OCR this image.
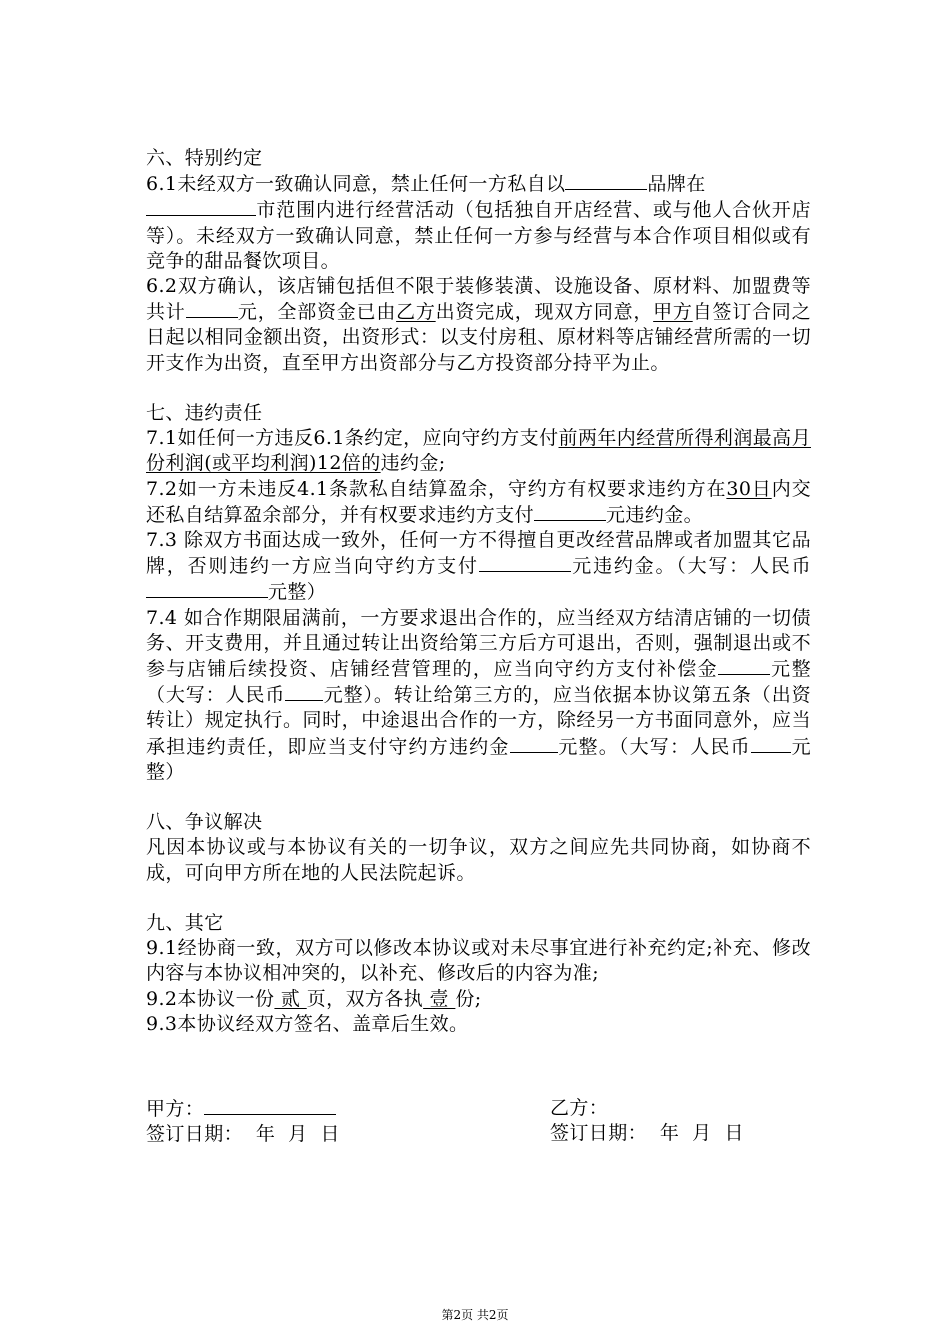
六、特别约定

6.1未经双方一致确认同意，禁止任何一方私自以	品牌在
市范围内进行经营活动（包括独自开店经营、或与他人合伙开店等）。未经双方一致确认同意，禁止任何一方参与经营与本合作项目相似或有竞争的甜品餐饮项目。

6.2双方确认，该店铺包括但不限于装修装潢、设施设备、原材料、加盟费等共计	元，全部资金已由乙方出资完成，现双方同意，甲方自签订合同之日起以相同金额出资，出资形式：以支付房租、原材料等店铺经营所需的一切开支作为出资，直至甲方出资部分与乙方投资部分持平为止。

七、违约责任

7.1如任何一方违反6.1条约定，应向守约方支付前两年内经营所得利润最高月份利润(或平均利润)12倍的违约金;

7.2如一方未违反4.1条款私自结算盈余，守约方有权要求违约方在30日内交还私自结算盈余部分，并有权要求违约方支付	元违约金。

7.3 除双方书面达成一致外，任何一方不得擅自更改经营品牌或者加盟其它品牌，否则违约一方应当向守约方支付	元违约金。（大写：人民币元整）

7.4 如合作期限届满前，一方要求退出合作的，应当经双方结清店铺的一切债务、开支费用，并且通过转让出资给第三方后方可退出，否则，强制退出或不参与店铺后续投资、店铺经营管理的，应当向守约方支付补偿金	元整（大写：人民币 元整）。转让给第三方的，应当依据本协议第五条（出资转让）规定执行。同时，中途退出合作的一方，除经另一方书面同意外，应当承担违约责任，即应当支付守约方违约金	元整。（大写：人民币 元整）

八、争议解决

凡因本协议或与本协议有关的一切争议，双方之间应先共同协商，如协商不成，可向甲方所在地的人民法院起诉。

九、其它

9.1经协商一致，双方可以修改本协议或对未尽事宜进行补充约定;补充、修改内容与本协议相冲突的，以补充、修改后的内容为准;

9.2本协议一份 贰 页，双方各执 壹 份;

9.3本协议经双方签名、盖章后生效。

甲方：
签订日期：  年  月  日
乙方：
签订日期：  年  月  日
第2页 共2页
